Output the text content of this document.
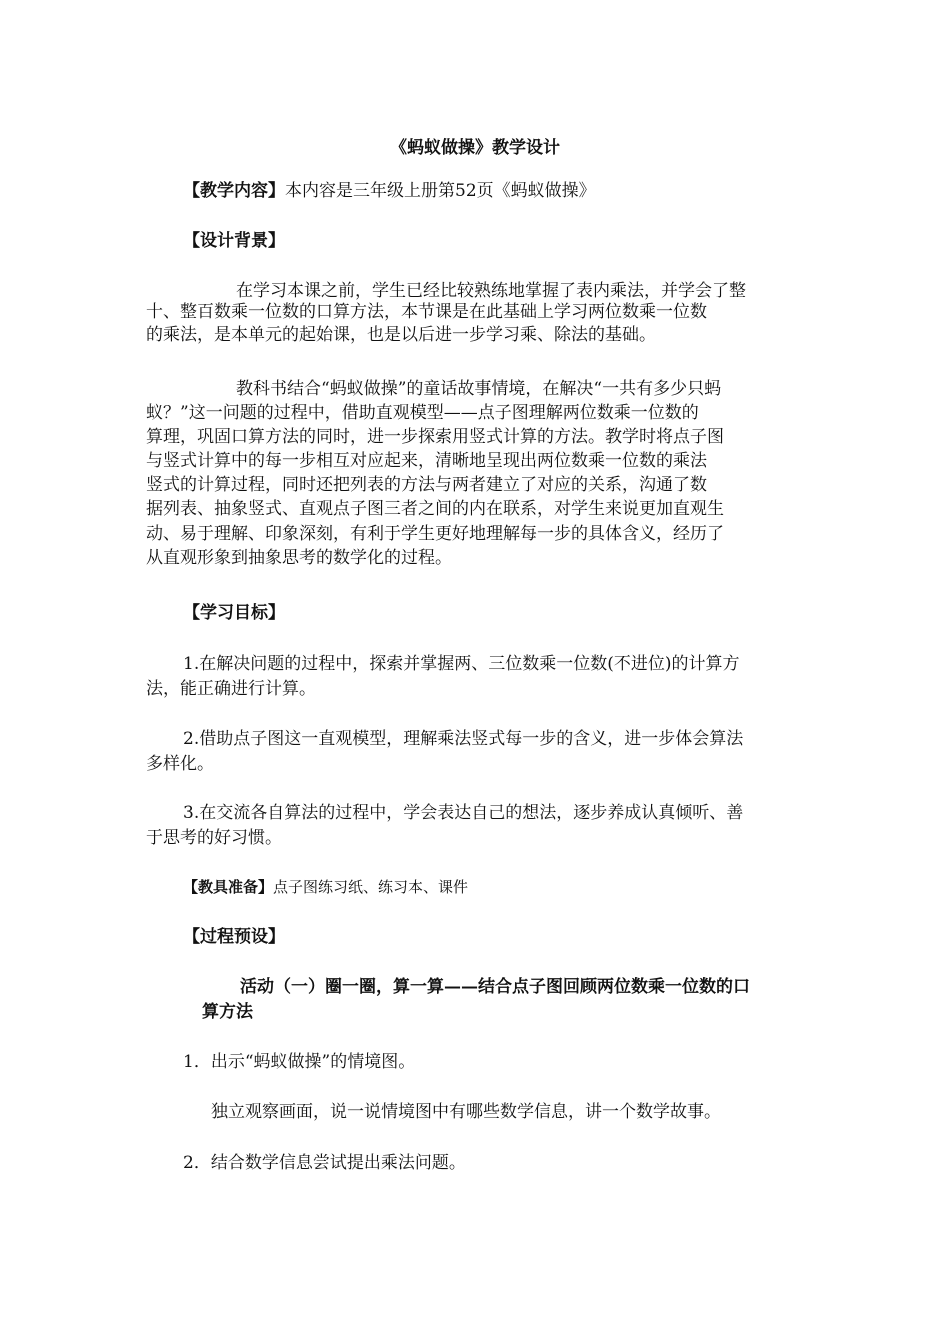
《蚂蚁做操》教学设计
【教学内容】本内容是三年级上册第52页《蚂蚁做操》
【设计背景】
在学习本课之前，学生已经比较熟练地掌握了表内乘法，并学会了整
十、整百数乘一位数的口算方法，本节课是在此基础上学习两位数乘一位数
的乘法，是本单元的起始课，也是以后进一步学习乘、除法的基础。
教科书结合“蚂蚁做操”的童话故事情境，在解决“一共有多少只蚂
蚁？”这一问题的过程中，借助直观模型——点子图理解两位数乘一位数的
算理，巩固口算方法的同时，进一步探索用竖式计算的方法。教学时将点子图
与竖式计算中的每一步相互对应起来，清晰地呈现出两位数乘一位数的乘法
竖式的计算过程，同时还把列表的方法与两者建立了对应的关系，沟通了数
据列表、抽象竖式、直观点子图三者之间的内在联系，对学生来说更加直观生
动、易于理解、印象深刻，有利于学生更好地理解每一步的具体含义，经历了
从直观形象到抽象思考的数学化的过程。
【学习目标】
1.在解决问题的过程中，探索并掌握两、三位数乘一位数(不进位)的计算方
法，能正确进行计算。
2.借助点子图这一直观模型，理解乘法竖式每一步的含义，进一步体会算法
多样化。
3.在交流各自算法的过程中，学会表达自己的想法，逐步养成认真倾听、善
于思考的好习惯。
【教具准备】点子图练习纸、练习本、课件
【过程预设】
活动（一）圈一圈，算一算——结合点子图回顾两位数乘一位数的口
算方法
1．出示“蚂蚁做操”的情境图。
独立观察画面，说一说情境图中有哪些数学信息，讲一个数学故事。
2．结合数学信息尝试提出乘法问题。
